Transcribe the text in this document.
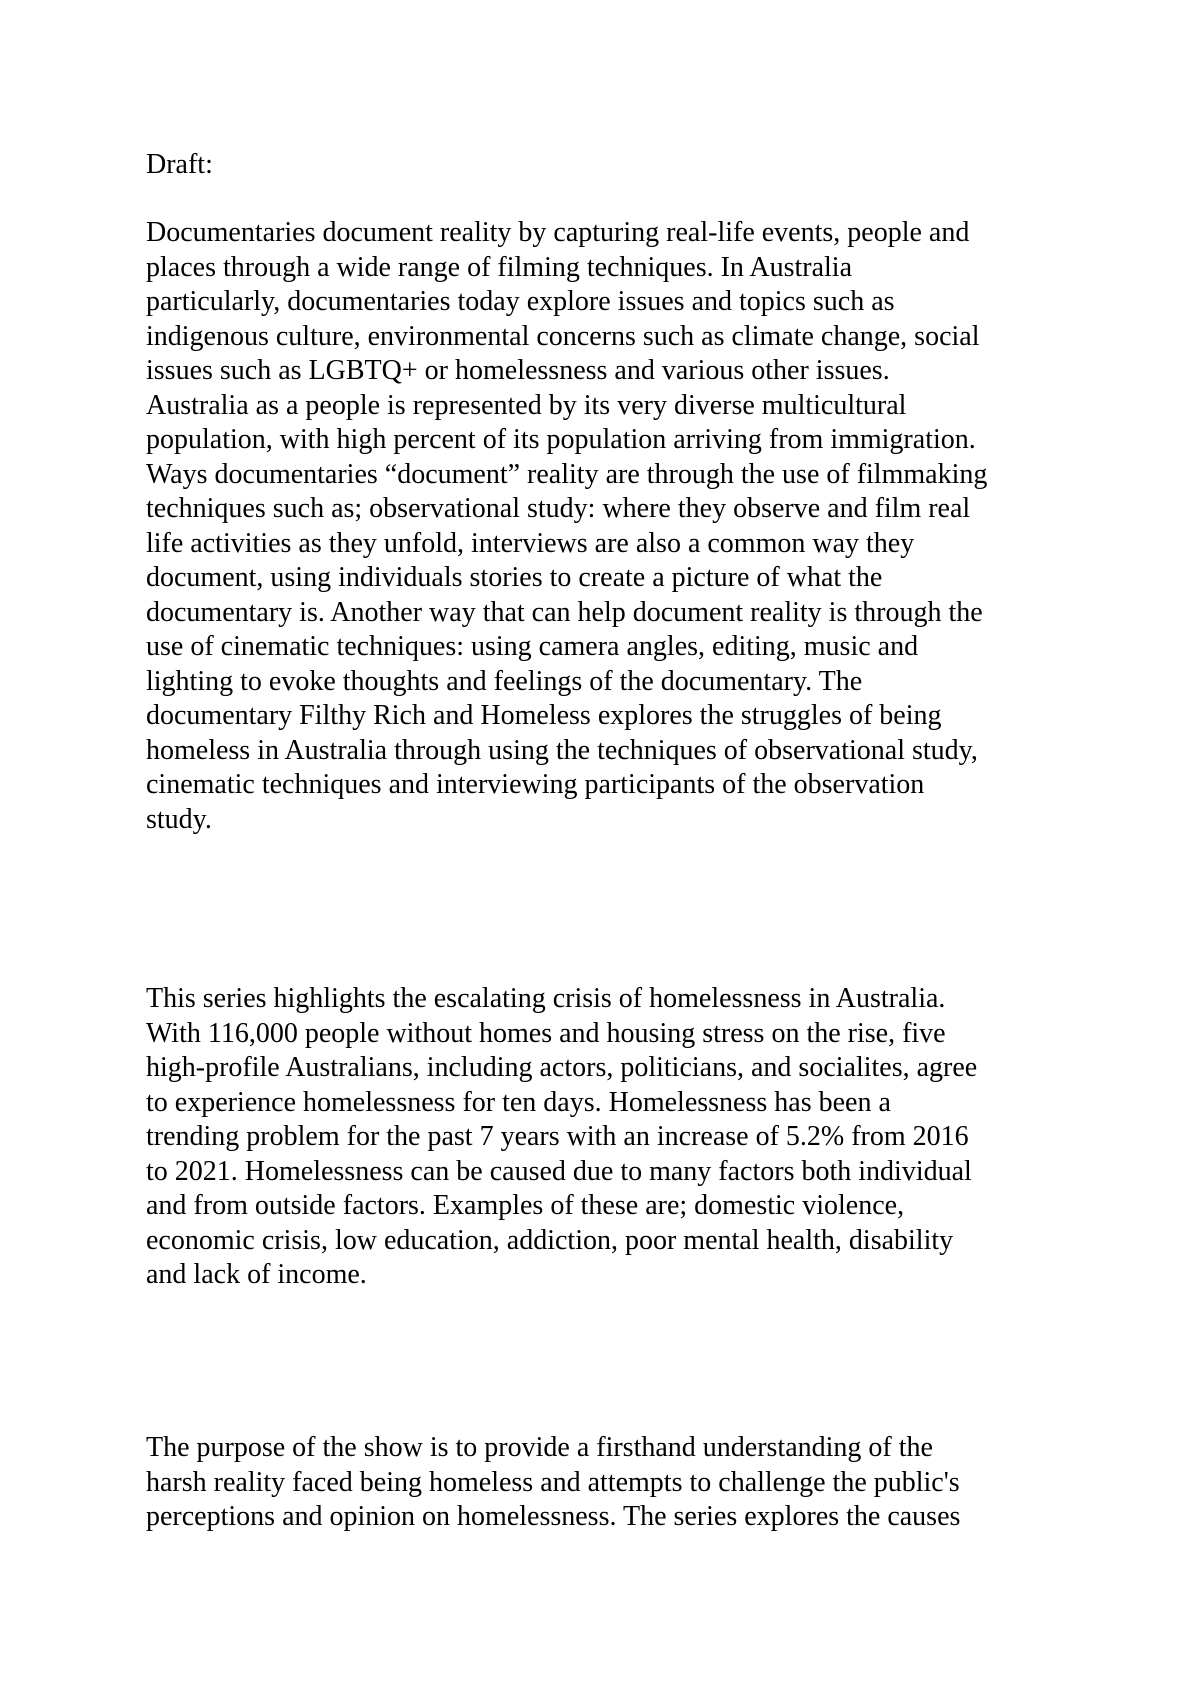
Draft:

Documentaries document reality by capturing real-life events, people and
places through a wide range of filming techniques. In Australia
particularly, documentaries today explore issues and topics such as
indigenous culture, environmental concerns such as climate change, social
issues such as LGBTQ+ or homelessness and various other issues.
Australia as a people is represented by its very diverse multicultural
population, with high percent of its population arriving from immigration.
Ways documentaries “document” reality are through the use of filmmaking
techniques such as; observational study: where they observe and film real
life activities as they unfold, interviews are also a common way they
document, using individuals stories to create a picture of what the
documentary is. Another way that can help document reality is through the
use of cinematic techniques: using camera angles, editing, music and
lighting to evoke thoughts and feelings of the documentary. The
documentary Filthy Rich and Homeless explores the struggles of being
homeless in Australia through using the techniques of observational study,
cinematic techniques and interviewing participants of the observation
study.

This series highlights the escalating crisis of homelessness in Australia.
With 116,000 people without homes and housing stress on the rise, five
high-profile Australians, including actors, politicians, and socialites, agree
to experience homelessness for ten days. Homelessness has been a
trending problem for the past 7 years with an increase of 5.2% from 2016
to 2021. Homelessness can be caused due to many factors both individual
and from outside factors. Examples of these are; domestic violence,
economic crisis, low education, addiction, poor mental health, disability
and lack of income.

The purpose of the show is to provide a firsthand understanding of the
harsh reality faced being homeless and attempts to challenge the public's
perceptions and opinion on homelessness. The series explores the causes
